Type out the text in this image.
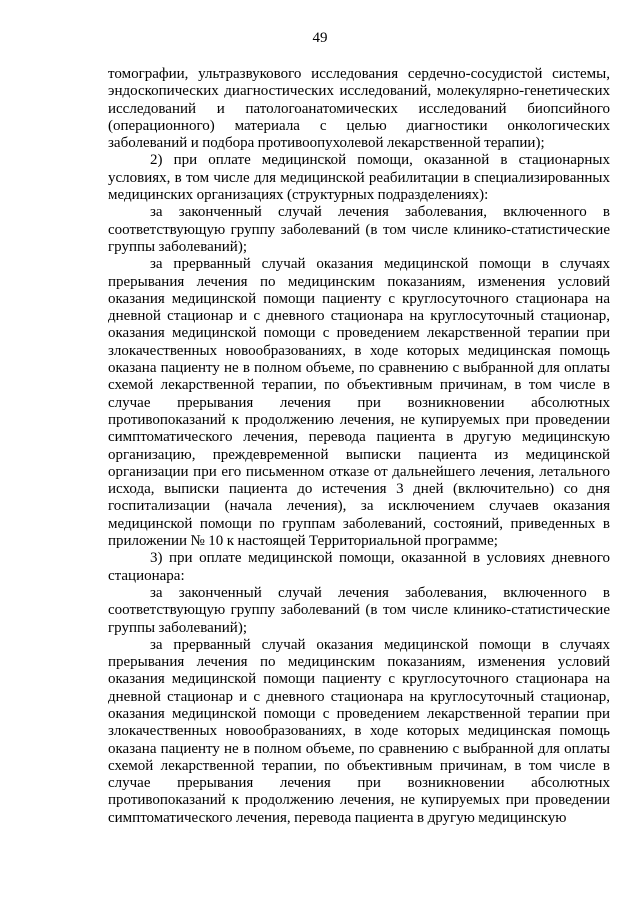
49

томографии, ультразвукового исследования сердечно-сосудистой системы, эндоскопических диагностических исследований, молекулярно-генетических исследований и патологоанатомических исследований биопсийного (операционного) материала с целью диагностики онкологических заболеваний и подбора противоопухолевой лекарственной терапии);

2) при оплате медицинской помощи, оказанной в стационарных условиях, в том числе для медицинской реабилитации в специализированных медицинских организациях (структурных подразделениях):

за законченный случай лечения заболевания, включенного в соответствующую группу заболеваний (в том числе клинико-статистические группы заболеваний);

за прерванный случай оказания медицинской помощи в случаях прерывания лечения по медицинским показаниям, изменения условий оказания медицинской помощи пациенту с круглосуточного стационара на дневной стационар и с дневного стационара на круглосуточный стационар, оказания медицинской помощи с проведением лекарственной терапии при злокачественных новообразованиях, в ходе которых медицинская помощь оказана пациенту не в полном объеме, по сравнению с выбранной для оплаты схемой лекарственной терапии, по объективным причинам, в том числе в случае прерывания лечения при возникновении абсолютных противопоказаний к продолжению лечения, не купируемых при проведении симптоматического лечения, перевода пациента в другую медицинскую организацию, преждевременной выписки пациента из медицинской организации при его письменном отказе от дальнейшего лечения, летального исхода, выписки пациента до истечения 3 дней (включительно) со дня госпитализации (начала лечения), за исключением случаев оказания медицинской помощи по группам заболеваний, состояний, приведенных в приложении № 10 к настоящей Территориальной программе;

3) при оплате медицинской помощи, оказанной в условиях дневного стационара:

за законченный случай лечения заболевания, включенного в соответствующую группу заболеваний (в том числе клинико-статистические группы заболеваний);

за прерванный случай оказания медицинской помощи в случаях прерывания лечения по медицинским показаниям, изменения условий оказания медицинской помощи пациенту с круглосуточного стационара на дневной стационар и с дневного стационара на круглосуточный стационар, оказания медицинской помощи с проведением лекарственной терапии при злокачественных новообразованиях, в ходе которых медицинская помощь оказана пациенту не в полном объеме, по сравнению с выбранной для оплаты схемой лекарственной терапии, по объективным причинам, в том числе в случае прерывания лечения при возникновении абсолютных противопоказаний к продолжению лечения, не купируемых при проведении симптоматического лечения, перевода пациента в другую медицинскую
